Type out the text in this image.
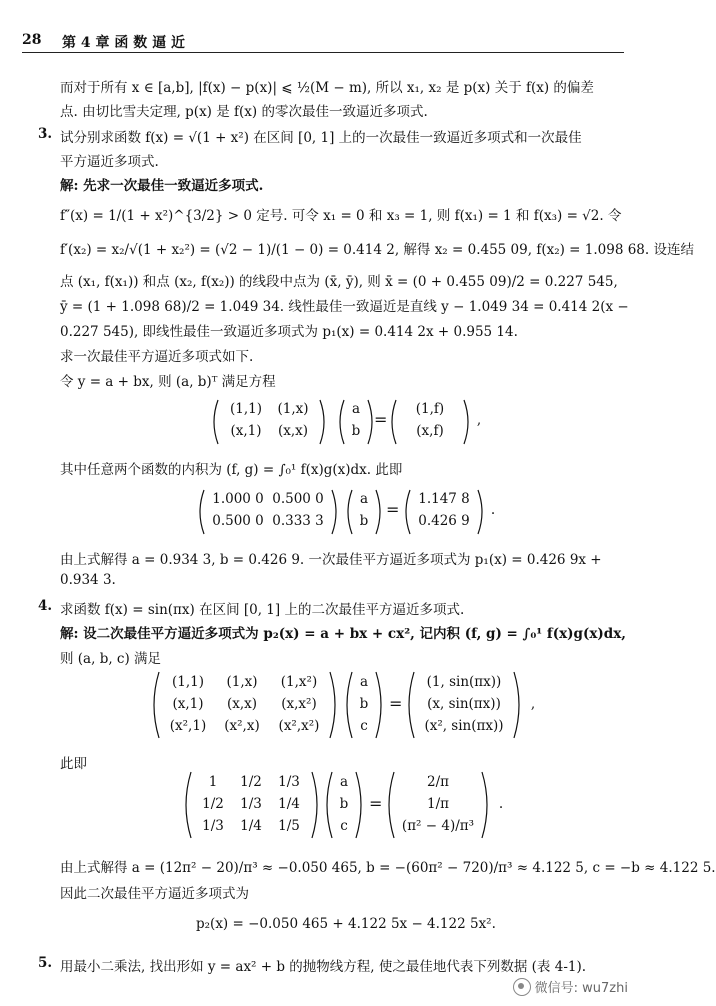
28 第 4 章 函 数 逼 近
而对于所有 x ∈ [a,b], |f(x) − p(x)| ⩽ ½(M − m), 所以 x₁, x₂ 是 p(x) 关于 f(x) 的偏差
点. 由切比雪夫定理, p(x) 是 f(x) 的零次最佳一致逼近多项式.
3. 试分别求函数 f(x) = √(1 + x²) 在区间 [0, 1] 上的一次最佳一致逼近多项式和一次最佳
平方逼近多项式.
解: 先求一次最佳一致逼近多项式.
f″(x) = 1/(1 + x²)^{3/2} > 0 定号. 可令 x₁ = 0 和 x₃ = 1, 则 f(x₁) = 1 和 f(x₃) = √2. 令
f′(x₂) = x₂/√(1 + x₂²) = (√2 − 1)/(1 − 0) = 0.414 2, 解得 x₂ = 0.455 09, f(x₂) = 1.098 68. 设连结
点 (x₁, f(x₁)) 和点 (x₂, f(x₂)) 的线段中点为 (x̄, ȳ), 则 x̄ = (0 + 0.455 09)/2 = 0.227 545,
ȳ = (1 + 1.098 68)/2 = 1.049 34. 线性最佳一致逼近是直线 y − 1.049 34 = 0.414 2(x −
0.227 545), 即线性最佳一致逼近多项式为 p₁(x) = 0.414 2x + 0.955 14.
求一次最佳平方逼近多项式如下.
令 y = a + bx, 则 (a, b)ᵀ 满足方程
(1,1)	(1,x)
(x,1)	(x,x)
a
b
=
(1,f)
(x,f)
,
其中任意两个函数的内积为 (f, g) = ∫₀¹ f(x)g(x)dx. 此即
1.000 0 0.500 0
0.500 0 0.333 3
a
b
=
1.147 8
0.426 9
.
由上式解得 a = 0.934 3, b = 0.426 9. 一次最佳平方逼近多项式为 p₁(x) = 0.426 9x +
0.934 3.
4. 求函数 f(x) = sin(πx) 在区间 [0, 1] 上的二次最佳平方逼近多项式.
解: 设二次最佳平方逼近多项式为 p₂(x) = a + bx + cx², 记内积 (f, g) = ∫₀¹ f(x)g(x)dx,
则 (a, b, c) 满足
(1,1)	(1,x)	(1,x²)
(x,1)	(x,x)	(x,x²)
(x²,1)	(x²,x)	(x²,x²)
a
b
c
=
(1, sin(πx))
(x, sin(πx))
(x², sin(πx))
,
此即
1	1/2	1/3
1/2	1/3	1/4
1/3	1/4	1/5
a
b
c
=
2/π
1/π
(π² − 4)/π³
.
由上式解得 a = (12π² − 20)/π³ ≈ −0.050 465, b = −(60π² − 720)/π³ ≈ 4.122 5, c = −b ≈ 4.122 5.
因此二次最佳平方逼近多项式为
p₂(x) = −0.050 465 + 4.122 5x − 4.122 5x².
5. 用最小二乘法, 找出形如 y = ax² + b 的抛物线方程, 使之最佳地代表下列数据 (表 4-1).
微信号: wu7zhi
